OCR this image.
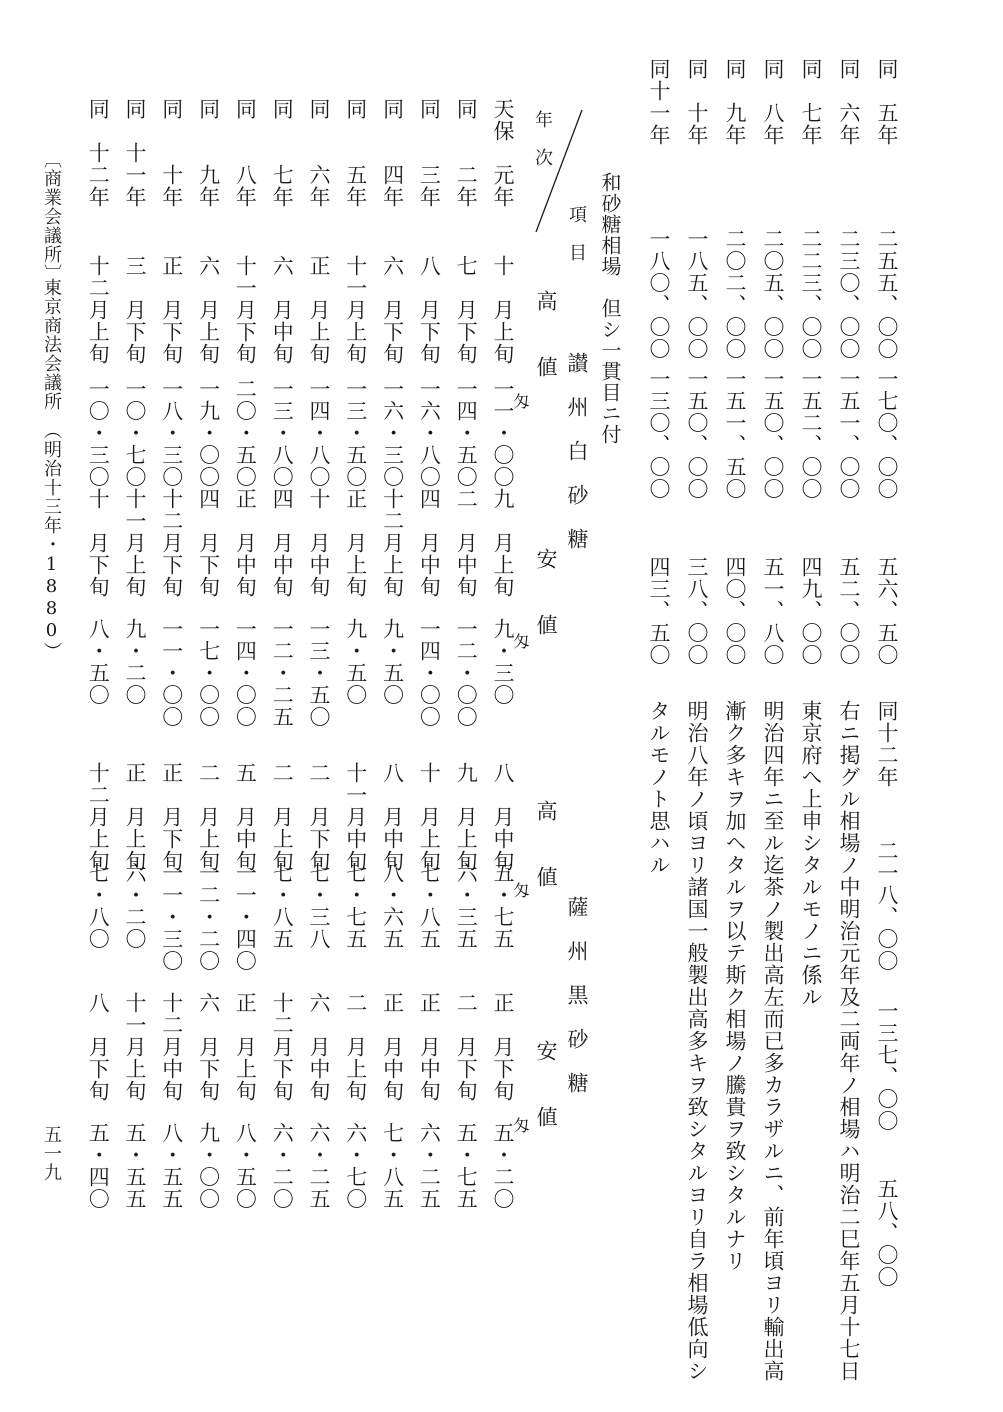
同　五年
二五五、〇〇
一七〇、〇〇
五六、五〇
同　六年
二三〇、〇〇
一五一、〇〇
五二、〇〇
同　七年
二二三、〇〇
一五二、〇〇
四九、〇〇
同　八年
二〇五、〇〇
一五〇、〇〇
五一、八〇
同　九年
二〇二、〇〇
一五一、五〇
四〇、〇〇
同　十年
一八五、〇〇
一五〇、〇〇
三八、〇〇
同十一年
一八〇、〇〇
一三〇、〇〇
四三、五〇
同十二年
二一八、〇〇
一三七、〇〇
五八、〇〇
右ニ掲グル相場ノ中明治元年及二両年ノ相場ハ明治二巳年五月十七日
東京府へ上申シタルモノニ係ル
明治四年ニ至ル迄茶ノ製出高左而已多カラザルニ、前年頃ヨリ輸出高
漸ク多キヲ加ヘタルヲ以テ斯ク相場ノ騰貴ヲ致シタルナリ
明治八年ノ頃ヨリ諸国一般製出高多キヲ致シタルヨリ自ラ相場低向シ
タルモノト思ハル
和砂糖相場　但シ一貫目ニ付
項　目
年　次
讃　州　白　砂　糖
高　　値
安　　値
薩　州　黒　砂　糖
高　　値
安　　値
匁
匁
匁
匁
天保　元年
十　月上旬
一一・〇〇
九　月上旬
九・三〇
八　月中旬
五・七五
正　月下旬
五・二〇
同　　二年
七　月下旬
一四・五〇
二　月中旬
一二・〇〇
九　月上旬
六・三五
二　月下旬
五・七五
同　　三年
八　月下旬
一六・八〇
四　月中旬
一四・〇〇
十　月上旬
七・八五
正　月中旬
六・二五
同　　四年
六　月下旬
一六・三〇
十二月上旬
九・五〇
八　月中旬
八・六五
正　月中旬
七・八五
同　　五年
十一月上旬
一三・五〇
正　月上旬
九・五〇
十一月中旬
七・七五
二　月上旬
六・七〇
同　　六年
正　月上旬
一四・八〇
十　月中旬
一三・五〇
二　月下旬
七・三八
六　月中旬
六・二五
同　　七年
六　月中旬
一三・八〇
四　月中旬
一二・二五
二　月上旬
七・八五
十二月下旬
六・二〇
同　　八年
十一月下旬
二〇・五〇
正　月中旬
一四・〇〇
五　月中旬
一一・四〇
正　月上旬
八・五〇
同　　九年
六　月上旬
一九・〇〇
四　月下旬
一七・〇〇
二　月上旬
一二・二〇
六　月下旬
九・〇〇
同　　十年
正　月下旬
一八・三〇
十二月下旬
一一・〇〇
正　月下旬
一一・三〇
十二月中旬
八・五五
同　十一年
三　月下旬
一〇・七〇
十一月上旬
九・二〇
正　月上旬
六・二〇
十一月上旬
五・五五
同　十二年
十二月上旬
一〇・三〇
十　月下旬
八・五〇
十二月上旬
七・八〇
八　月下旬
五・四〇
〔商業会議所〕
東京商法会議所　（明治十三年・1880）
五一九
